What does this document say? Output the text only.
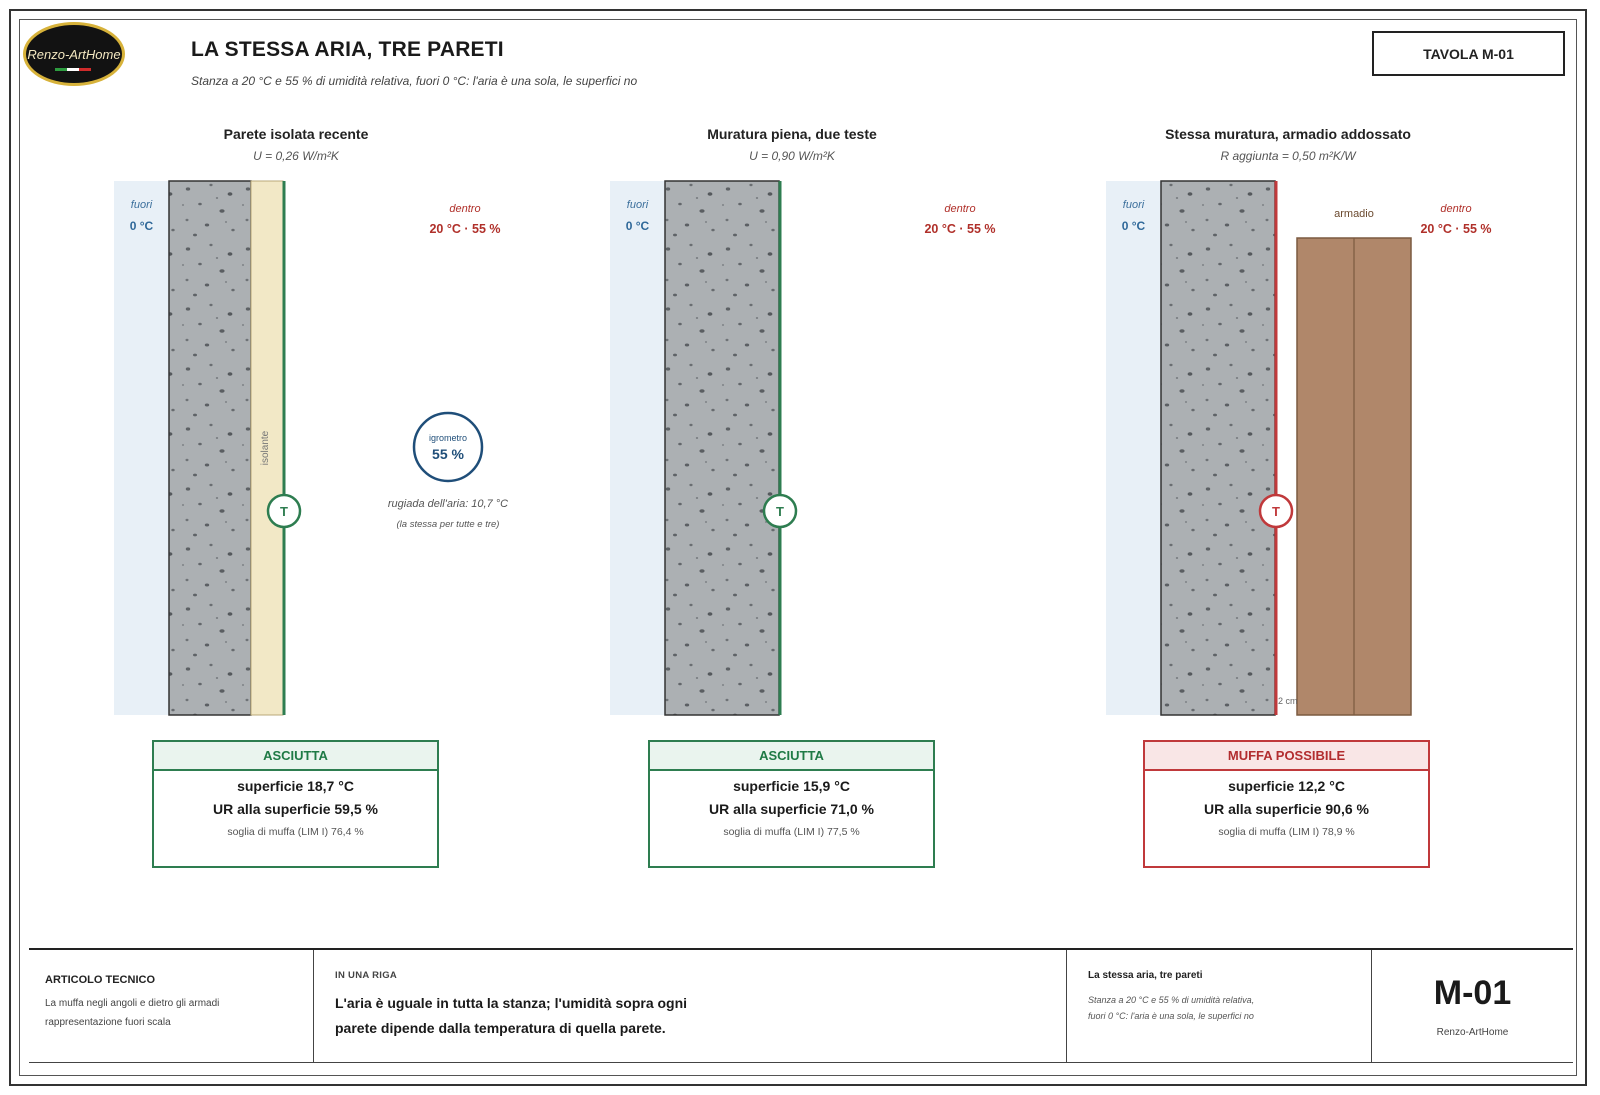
Renzo-ArtHome	LA STESSA ARIA, TRE PARETI
Stanza a 20 °C e 55 % di umidità relativa, fuori 0 °C: l'aria è una sola, le superfici no
TAVOLA M-01
isolante
T	T
2 cm
T
igrometro
55 %
rugiada dell'aria: 10,7 °C
(la stessa per tutte e tre)
Parete isolata recente
U = 0,26 W/m²K
Muratura piena, due teste
U = 0,90 W/m²K
Stessa muratura, armadio addossato
R aggiunta = 0,50 m²K/W
fuori
0 °C
dentro
20 °C · 55 %
fuori
0 °C
dentro
20 °C · 55 %
fuori
0 °C
armadio	dentro
20 °C · 55 %
ASCIUTTA
superficie 18,7 °C
UR alla superficie 59,5 %
soglia di muffa (LIM I) 76,4 %
ASCIUTTA
superficie 15,9 °C
UR alla superficie 71,0 %
soglia di muffa (LIM I) 77,5 %
MUFFA POSSIBILE
superficie 12,2 °C
UR alla superficie 90,6 %
soglia di muffa (LIM I) 78,9 %
ARTICOLO TECNICO
La muffa negli angoli e dietro gli armadi
rappresentazione fuori scala
IN UNA RIGA
L'aria è uguale in tutta la stanza; l'umidità sopra ogni parete dipende dalla temperatura di quella parete.
La stessa aria, tre pareti
Stanza a 20 °C e 55 % di umidità relativa, fuori 0 °C: l'aria è una sola, le superfici no
M-01
Renzo-ArtHome
